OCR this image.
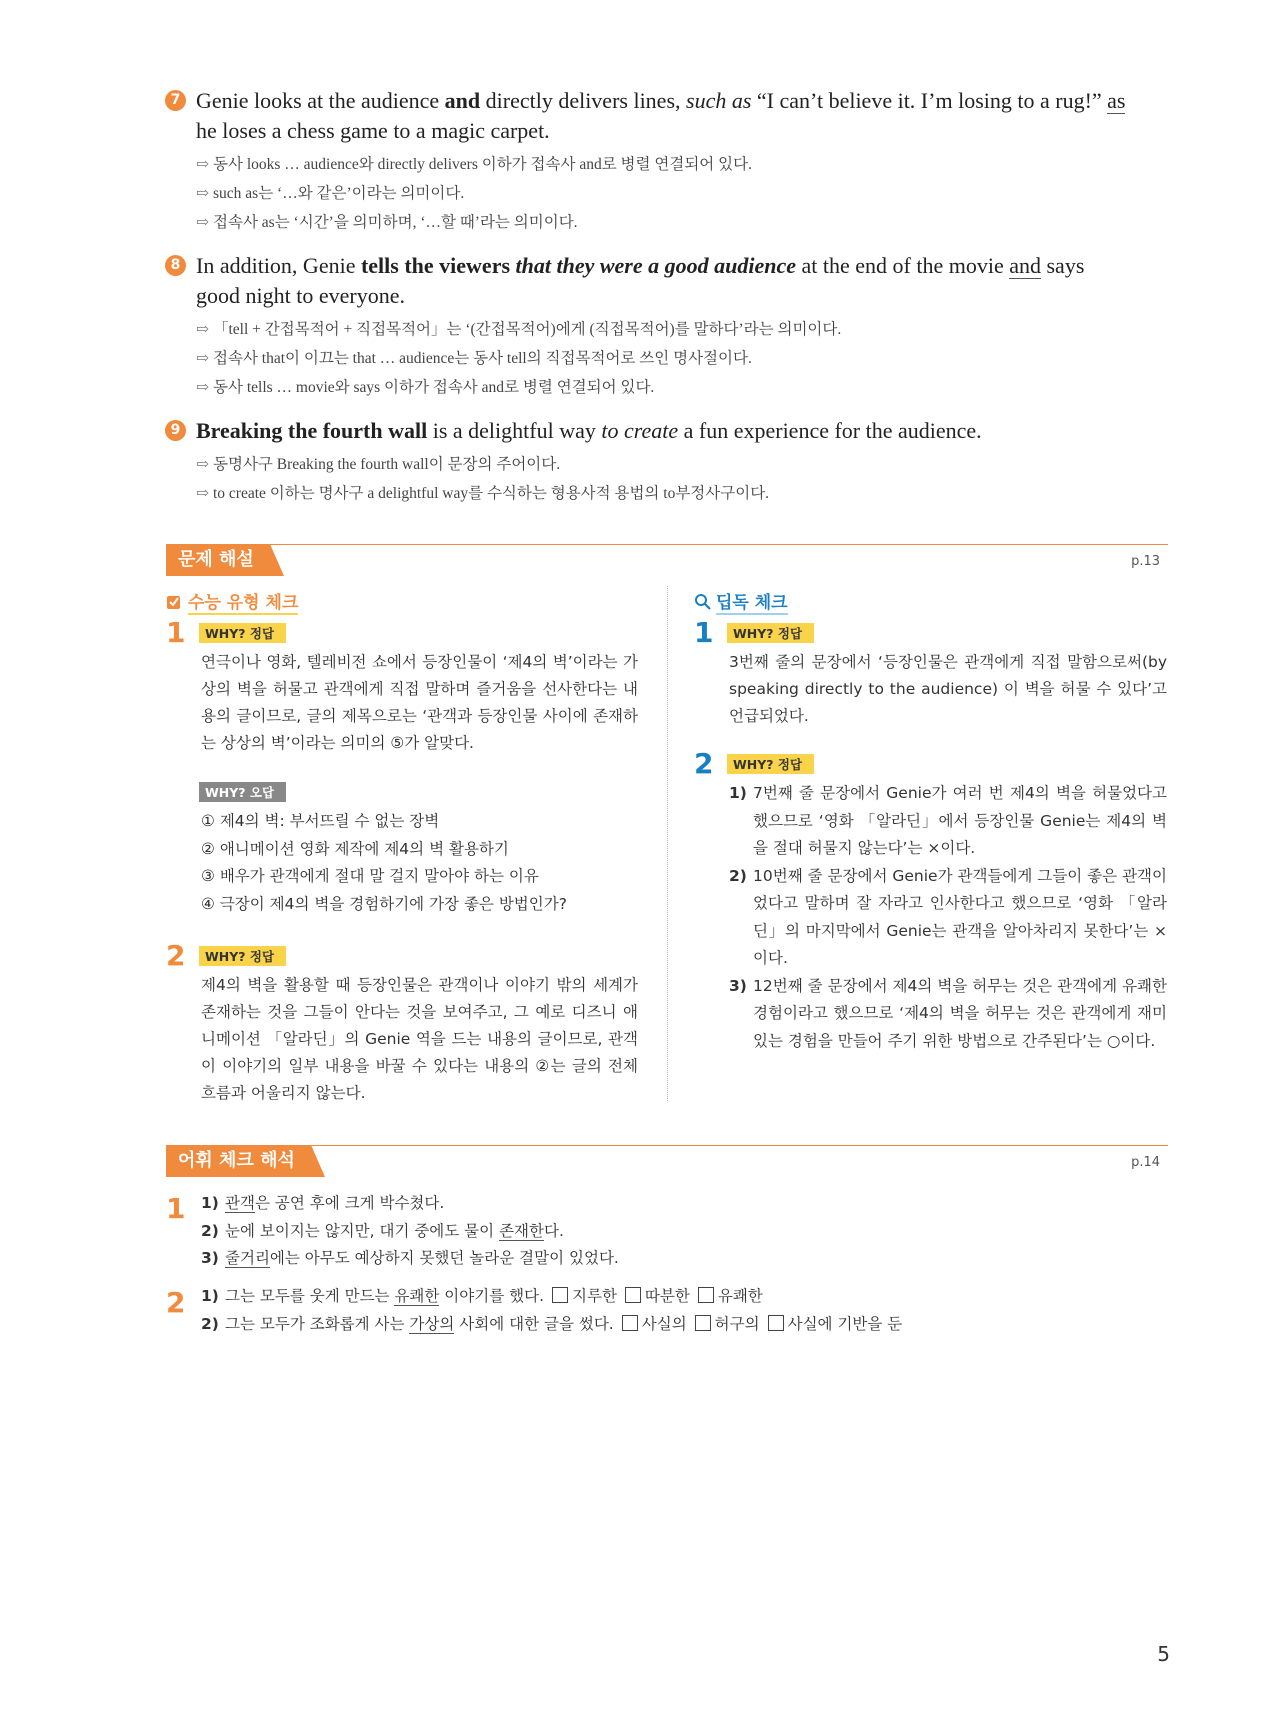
7 Genie looks at the audience and directly delivers lines, such as “I can’t believe it. I’m losing to a rug!” as
he loses a chess game to a magic carpet.
⇨ 동사 looks … audience와 directly delivers 이하가 접속사 and로 병렬 연결되어 있다.
⇨ such as는 ‘…와 같은’이라는 의미이다.
⇨ 접속사 as는 ‘시간’을 의미하며, ‘…할 때’라는 의미이다.
8 In addition, Genie tells the viewers that they were a good audience at the end of the movie and says
good night to everyone.
⇨ 「tell + 간접목적어 + 직접목적어」는 ‘(간접목적어)에게 (직접목적어)를 말하다’라는 의미이다.
⇨ 접속사 that이 이끄는 that … audience는 동사 tell의 직접목적어로 쓰인 명사절이다.
⇨ 동사 tells … movie와 says 이하가 접속사 and로 병렬 연결되어 있다.
9 Breaking the fourth wall is a delightful way to create a fun experience for the audience.
⇨ 동명사구 Breaking the fourth wall이 문장의 주어이다.
⇨ to create 이하는 명사구 a delightful way를 수식하는 형용사적 용법의 to부정사구이다.
문제 해설	p.13
수능 유형 체크	딥독 체크
1	WHY? 정답
연극이나 영화, 텔레비전 쇼에서 등장인물이 ‘제4의 벽’이라는 가상의 벽을 허물고 관객에게 직접 말하며 즐거움을 선사한다는 내용의 글이므로, 글의 제목으로는 ‘관객과 등장인물 사이에 존재하는 상상의 벽’이라는 의미의 ⑤가 알맞다.
WHY? 오답
① 제4의 벽: 부서뜨릴 수 없는 장벽
② 애니메이션 영화 제작에 제4의 벽 활용하기
③ 배우가 관객에게 절대 말 걸지 말아야 하는 이유
④ 극장이 제4의 벽을 경험하기에 가장 좋은 방법인가?
2	WHY? 정답
제4의 벽을 활용할 때 등장인물은 관객이나 이야기 밖의 세계가 존재하는 것을 그들이 안다는 것을 보여주고, 그 예로 디즈니 애니메이션 「알라딘」의 Genie 역을 드는 내용의 글이므로, 관객이 이야기의 일부 내용을 바꿀 수 있다는 내용의 ②는 글의 전체 흐름과 어울리지 않는다.
1	WHY? 정답
3번째 줄의 문장에서 ‘등장인물은 관객에게 직접 말함으로써(by speaking directly to the audience) 이 벽을 허물 수 있다’고 언급되었다.
2	WHY? 정답
1) 7번째 줄 문장에서 Genie가 여러 번 제4의 벽을 허물었다고 했으므로 ‘영화 「알라딘」에서 등장인물 Genie는 제4의 벽을 절대 허물지 않는다’는 ×이다.
2) 10번째 줄 문장에서 Genie가 관객들에게 그들이 좋은 관객이었다고 말하며 잘 자라고 인사한다고 했으므로 ‘영화 「알라딘」의 마지막에서 Genie는 관객을 알아차리지 못한다’는 ×이다.
3) 12번째 줄 문장에서 제4의 벽을 허무는 것은 관객에게 유쾌한 경험이라고 했으므로 ‘제4의 벽을 허무는 것은 관객에게 재미있는 경험을 만들어 주기 위한 방법으로 간주된다’는 ○이다.
어휘 체크 해석	p.14
1 1) 관객은 공연 후에 크게 박수쳤다.
2) 눈에 보이지는 않지만, 대기 중에도 물이 존재한다.
3) 줄거리에는 아무도 예상하지 못했던 놀라운 결말이 있었다.
2 1) 그는 모두를 웃게 만드는 유쾌한 이야기를 했다. 지루한 따분한 유쾌한
2) 그는 모두가 조화롭게 사는 가상의 사회에 대한 글을 썼다. 사실의 허구의 사실에 기반을 둔
5
